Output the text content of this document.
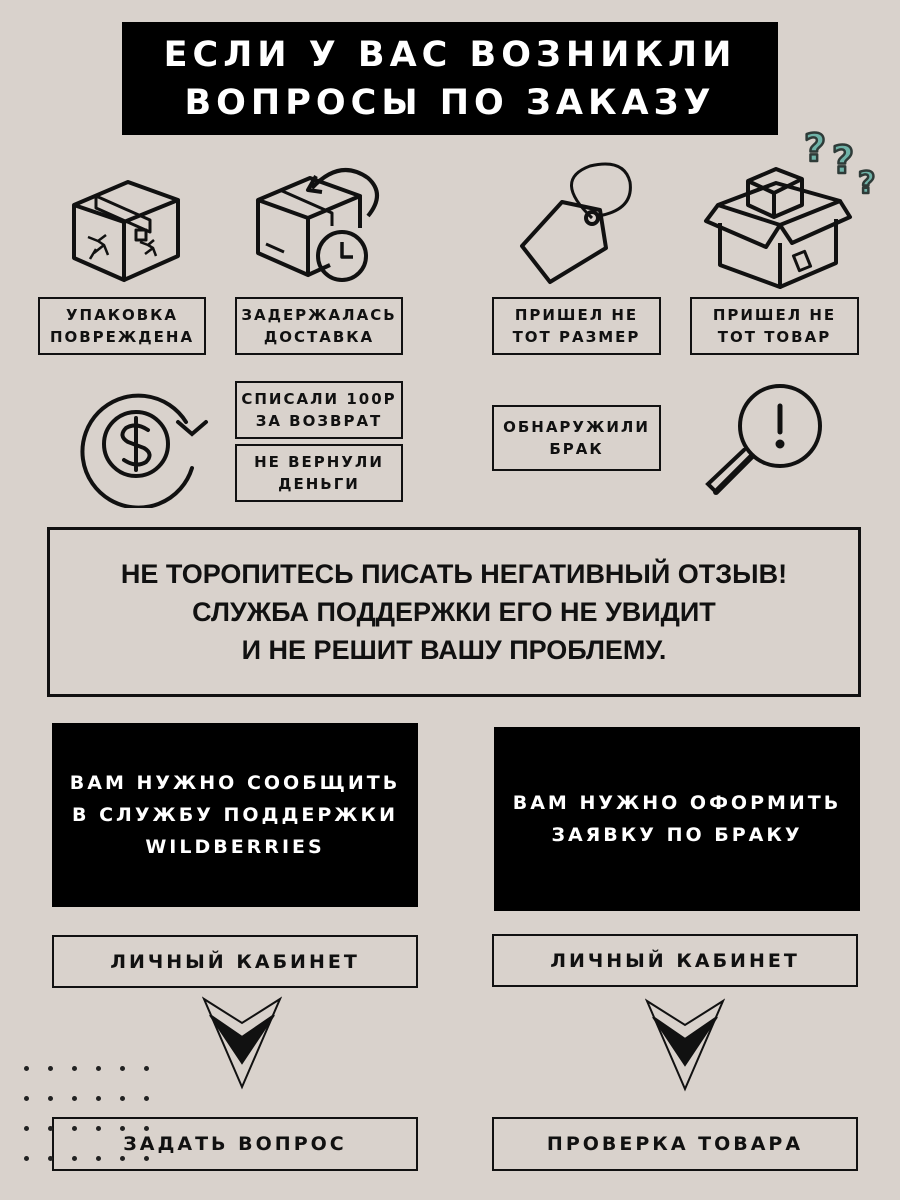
ЕСЛИ У ВАС ВОЗНИКЛИ
ВОПРОСЫ ПО ЗАКАЗУ
? ?
?
УПАКОВКА
ПОВРЕЖДЕНА
ЗАДЕРЖАЛАСЬ
ДОСТАВКА
ПРИШЕЛ НЕ
ТОТ РАЗМЕР
ПРИШЕЛ НЕ
ТОТ ТОВАР
СПИСАЛИ 100Р
ЗА ВОЗВРАТ
НЕ ВЕРНУЛИ
ДЕНЬГИ
ОБНАРУЖИЛИ
БРАК
НЕ ТОРОПИТЕСЬ ПИСАТЬ НЕГАТИВНЫЙ ОТЗЫВ!
СЛУЖБА ПОДДЕРЖКИ ЕГО НЕ УВИДИТ
И НЕ РЕШИТ ВАШУ ПРОБЛЕМУ.
ВАМ НУЖНО СООБЩИТЬ
В СЛУЖБУ ПОДДЕРЖКИ
WILDBERRIES
ЛИЧНЫЙ КАБИНЕТ
ЗАДАТЬ ВОПРОС
ВАМ НУЖНО ОФОРМИТЬ
ЗАЯВКУ ПО БРАКУ
ЛИЧНЫЙ КАБИНЕТ
ПРОВЕРКА ТОВАРА
